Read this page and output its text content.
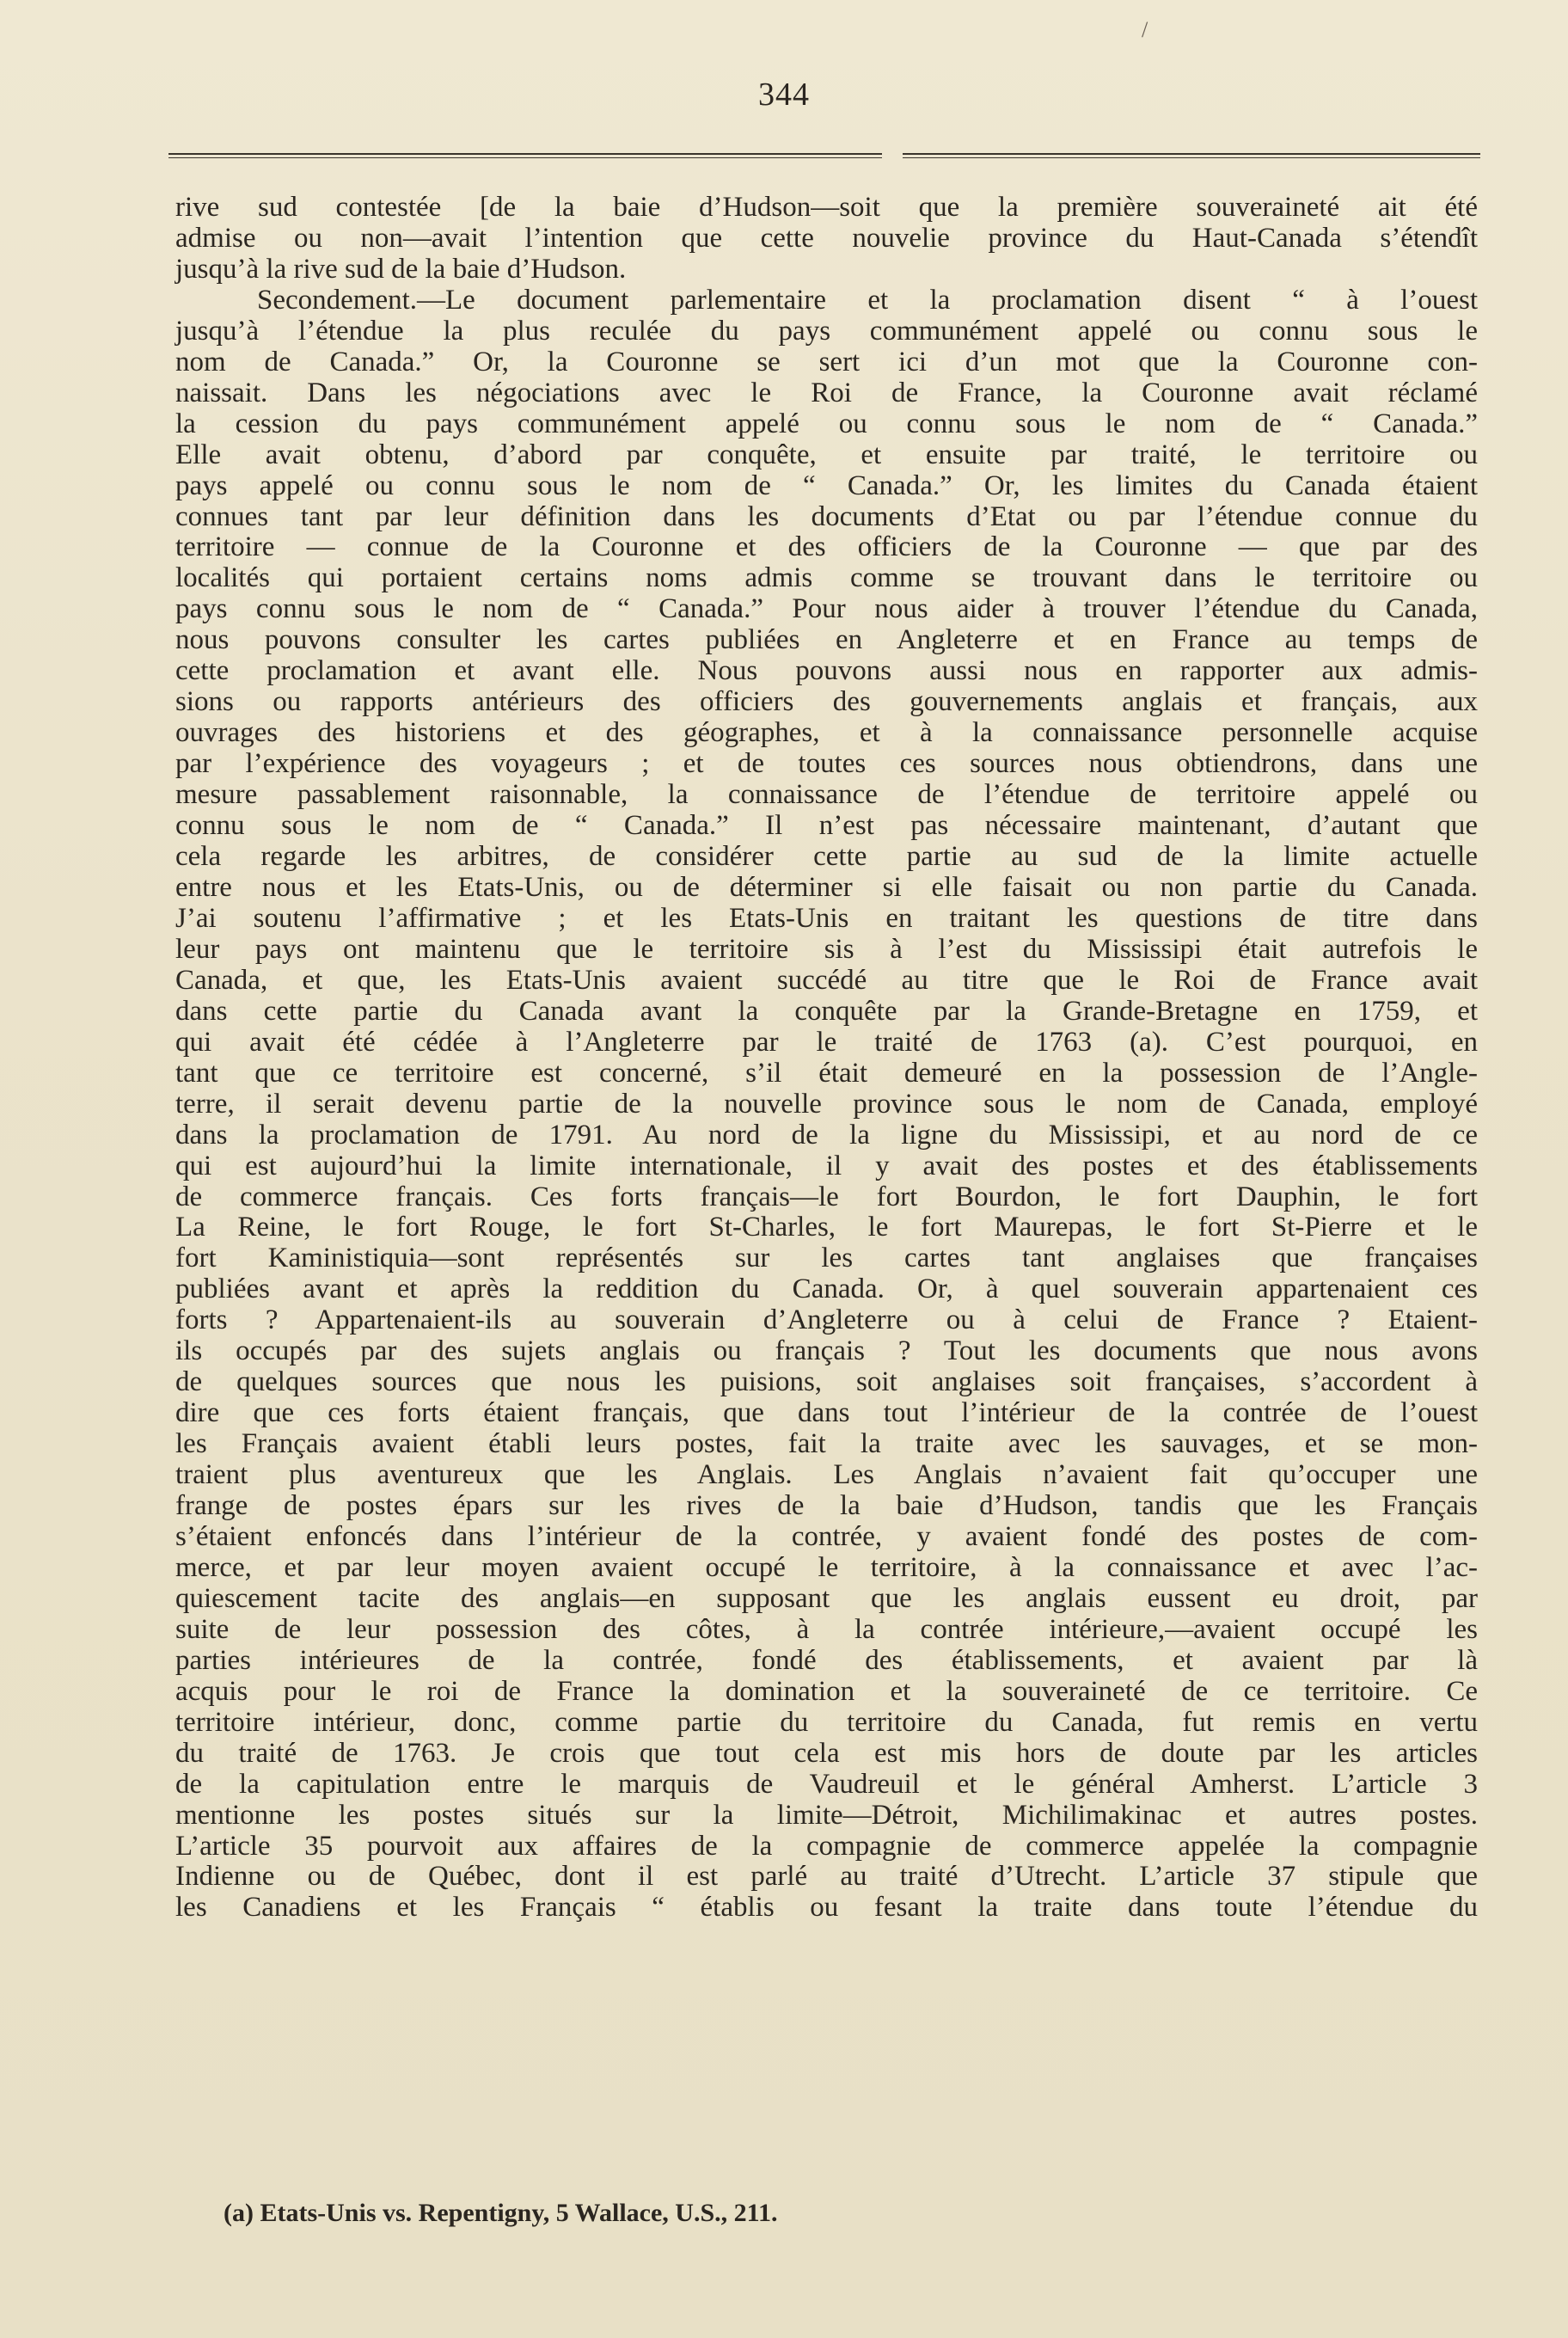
/
344
rive sud contestée [de la baie d’Hudson—soit que la première souveraineté ait été
admise ou non—avait l’intention que cette nouvelie province du Haut-Canada s’étendît
jusqu’à la rive sud de la baie d’Hudson.
Secondement.—Le document parlementaire et la proclamation disent “ à l’ouest
jusqu’à l’étendue la plus reculée du pays communément appelé ou connu sous le
nom de Canada.” Or, la Couronne se sert ici d’un mot que la Couronne con-
naissait. Dans les négociations avec le Roi de France, la Couronne avait réclamé
la cession du pays communément appelé ou connu sous le nom de “ Canada.”
Elle avait obtenu, d’abord par conquête, et ensuite par traité, le territoire ou
pays appelé ou connu sous le nom de “ Canada.” Or, les limites du Canada étaient
connues tant par leur définition dans les documents d’Etat ou par l’étendue connue du
territoire — connue de la Couronne et des officiers de la Couronne — que par des
localités qui portaient certains noms admis comme se trouvant dans le territoire ou
pays connu sous le nom de “ Canada.” Pour nous aider à trouver l’étendue du Canada,
nous pouvons consulter les cartes publiées en Angleterre et en France au temps de
cette proclamation et avant elle. Nous pouvons aussi nous en rapporter aux admis-
sions ou rapports antérieurs des officiers des gouvernements anglais et français, aux
ouvrages des historiens et des géographes, et à la connaissance personnelle acquise
par l’expérience des voyageurs ; et de toutes ces sources nous obtiendrons, dans une
mesure passablement raisonnable, la connaissance de l’étendue de territoire appelé ou
connu sous le nom de “ Canada.” Il n’est pas nécessaire maintenant, d’autant que
cela regarde les arbitres, de considérer cette partie au sud de la limite actuelle
entre nous et les Etats-Unis, ou de déterminer si elle faisait ou non partie du Canada.
J’ai soutenu l’affirmative ; et les Etats-Unis en traitant les questions de titre dans
leur pays ont maintenu que le territoire sis à l’est du Mississipi était autrefois le
Canada, et que, les Etats-Unis avaient succédé au titre que le Roi de France avait
dans cette partie du Canada avant la conquête par la Grande-Bretagne en 1759, et
qui avait été cédée à l’Angleterre par le traité de 1763 (a). C’est pourquoi, en
tant que ce territoire est concerné, s’il était demeuré en la possession de l’Angle-
terre, il serait devenu partie de la nouvelle province sous le nom de Canada, employé
dans la proclamation de 1791. Au nord de la ligne du Mississipi, et au nord de ce
qui est aujourd’hui la limite internationale, il y avait des postes et des établissements
de commerce français. Ces forts français—le fort Bourdon, le fort Dauphin, le fort
La Reine, le fort Rouge, le fort St-Charles, le fort Maurepas, le fort St-Pierre et le
fort Kaministiquia—sont représentés sur les cartes tant anglaises que françaises
publiées avant et après la reddition du Canada. Or, à quel souverain appartenaient ces
forts ? Appartenaient-ils au souverain d’Angleterre ou à celui de France ? Etaient-
ils occupés par des sujets anglais ou français ? Tout les documents que nous avons
de quelques sources que nous les puisions, soit anglaises soit françaises, s’accordent à
dire que ces forts étaient français, que dans tout l’intérieur de la contrée de l’ouest
les Français avaient établi leurs postes, fait la traite avec les sauvages, et se mon-
traient plus aventureux que les Anglais. Les Anglais n’avaient fait qu’occuper une
frange de postes épars sur les rives de la baie d’Hudson, tandis que les Français
s’étaient enfoncés dans l’intérieur de la contrée, y avaient fondé des postes de com-
merce, et par leur moyen avaient occupé le territoire, à la connaissance et avec l’ac-
quiescement tacite des anglais—en supposant que les anglais eussent eu droit, par
suite de leur possession des côtes, à la contrée intérieure,—avaient occupé les
parties intérieures de la contrée, fondé des établissements, et avaient par là
acquis pour le roi de France la domination et la souveraineté de ce territoire. Ce
territoire intérieur, donc, comme partie du territoire du Canada, fut remis en vertu
du traité de 1763. Je crois que tout cela est mis hors de doute par les articles
de la capitulation entre le marquis de Vaudreuil et le général Amherst. L’article 3
mentionne les postes situés sur la limite—Détroit, Michilimakinac et autres postes.
L’article 35 pourvoit aux affaires de la compagnie de commerce appelée la compagnie
Indienne ou de Québec, dont il est parlé au traité d’Utrecht. L’article 37 stipule que
les Canadiens et les Français “ établis ou fesant la traite dans toute l’étendue du
(a) Etats-Unis vs. Repentigny, 5 Wallace, U.S., 211.
